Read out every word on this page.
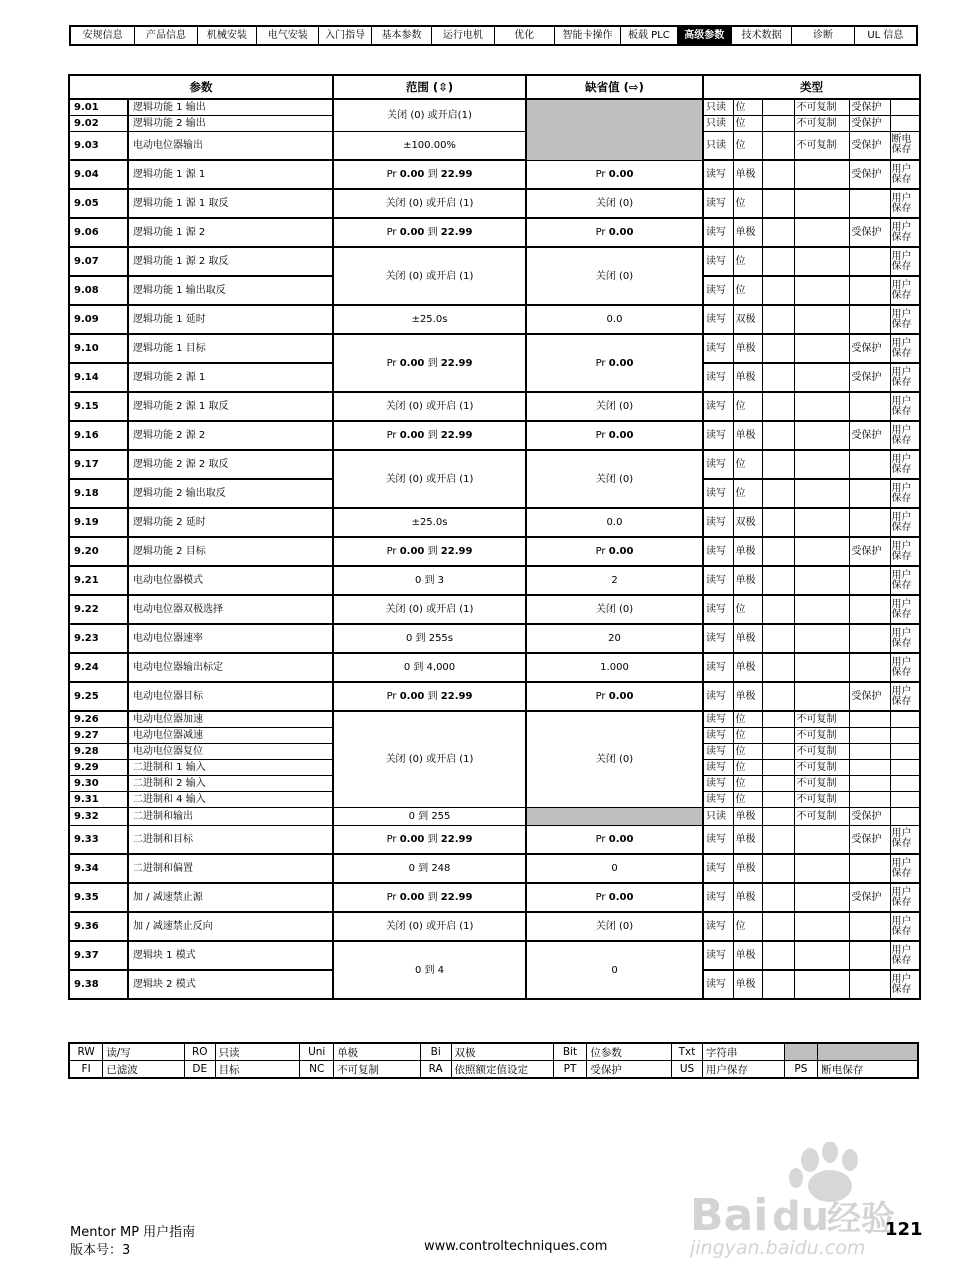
安规信息	产品信息	机械安装	电气安装	入门指导	基本参数	运行电机	优化	智能卡操作	板载 PLC	高级参数	技术数据	诊断	UL 信息
参数		范围 (⇳)	缺省值 (⇨)	类型					
9.01	逻辑功能 1 输出	关闭 (0) 或开启(1)		只读	位		不可复制	受保护	
9.02	逻辑功能 2 输出			只读	位		不可复制	受保护	
9.03	电动电位器输出	±100.00%		只读	位		不可复制	受保护	断电保存
9.04	逻辑功能 1 源 1	Pr 0.00 到 22.99	Pr 0.00	读写	单极			受保护	用户保存
9.05	逻辑功能 1 源 1 取反	关闭 (0) 或开启 (1)	关闭 (0)	读写	位				用户保存
9.06	逻辑功能 1 源 2	Pr 0.00 到 22.99	Pr 0.00	读写	单极			受保护	用户保存
9.07	逻辑功能 1 源 2 取反	关闭 (0) 或开启 (1)	关闭 (0)	读写	位				用户保存
9.08	逻辑功能 1 输出取反			读写	位				用户保存
9.09	逻辑功能 1 延时	±25.0s	0.0	读写	双极				用户保存
9.10	逻辑功能 1 目标	Pr 0.00 到 22.99	Pr 0.00	读写	单极			受保护	用户保存
9.14	逻辑功能 2 源 1			读写	单极			受保护	用户保存
9.15	逻辑功能 2 源 1 取反	关闭 (0) 或开启 (1)	关闭 (0)	读写	位				用户保存
9.16	逻辑功能 2 源 2	Pr 0.00 到 22.99	Pr 0.00	读写	单极			受保护	用户保存
9.17	逻辑功能 2 源 2 取反	关闭 (0) 或开启 (1)	关闭 (0)	读写	位				用户保存
9.18	逻辑功能 2 输出取反			读写	位				用户保存
9.19	逻辑功能 2 延时	±25.0s	0.0	读写	双极				用户保存
9.20	逻辑功能 2 目标	Pr 0.00 到 22.99	Pr 0.00	读写	单极			受保护	用户保存
9.21	电动电位器模式	0 到 3	2	读写	单极				用户保存
9.22	电动电位器双极选择	关闭 (0) 或开启 (1)	关闭 (0)	读写	位				用户保存
9.23	电动电位器速率	0 到 255s	20	读写	单极				用户保存
9.24	电动电位器输出标定	0 到 4,000	1.000	读写	单极				用户保存
9.25	电动电位器目标	Pr 0.00 到 22.99	Pr 0.00	读写	单极			受保护	用户保存
9.26	电动电位器加速	关闭 (0) 或开启 (1)	关闭 (0)	读写	位		不可复制		
9.27	电动电位器减速			读写	位		不可复制		
9.28	电动电位器复位			读写	位		不可复制		
9.29	二进制和 1 输入			读写	位		不可复制		
9.30	二进制和 2 输入			读写	位		不可复制		
9.31	二进制和 4 输入			读写	位		不可复制		
9.32	二进制和输出	0 到 255		只读	单极		不可复制	受保护	
9.33	二进制和目标	Pr 0.00 到 22.99	Pr 0.00	读写	单极			受保护	用户保存
9.34	二进制和偏置	0 到 248	0	读写	单极				用户保存
9.35	加 / 减速禁止源	Pr 0.00 到 22.99	Pr 0.00	读写	单极			受保护	用户保存
9.36	加 / 减速禁止反向	关闭 (0) 或开启 (1)	关闭 (0)	读写	位				用户保存
9.37	逻辑块 1 模式	0 到 4	0	读写	单极				用户保存
9.38	逻辑块 2 模式			读写	单极				用户保存
RW	读/写	RO	只读	Uni	单极	Bi	双极	Bit	位参数	Txt	字符串		
FI	已滤波	DE	目标	NC	不可复制	RA	依照额定值设定	PT	受保护	US	用户保存	PS	断电保存
Bai du
经验
jingyan.baidu.com
Mentor MP 用户指南
版本号：3	www.controltechniques.com
121
